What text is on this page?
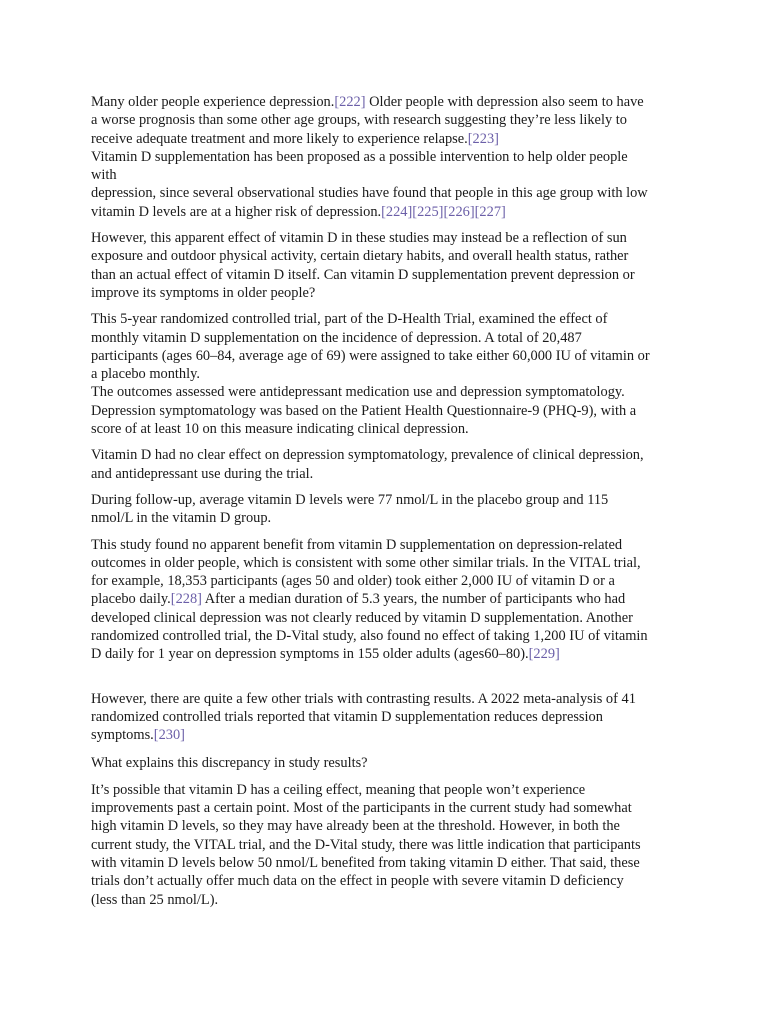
Many older people experience depression.[222] Older people with depression also seem to have
a worse prognosis than some other age groups, with research suggesting they’re less likely to
receive adequate treatment and more likely to experience relapse.[223]
Vitamin D supplementation has been proposed as a possible intervention to help older people
with
depression, since several observational studies have found that people in this age group with low
vitamin D levels are at a higher risk of depression.[224][225][226][227]

However, this apparent effect of vitamin D in these studies may instead be a reflection of sun
exposure and outdoor physical activity, certain dietary habits, and overall health status, rather
than an actual effect of vitamin D itself. Can vitamin D supplementation prevent depression or
improve its symptoms in older people?

This 5-year randomized controlled trial, part of the D-Health Trial, examined the effect of
monthly vitamin D supplementation on the incidence of depression. A total of 20,487
participants (ages 60–84, average age of 69) were assigned to take either 60,000 IU of vitamin or
a placebo monthly.
The outcomes assessed were antidepressant medication use and depression symptomatology.
Depression symptomatology was based on the Patient Health Questionnaire-9 (PHQ-9), with a
score of at least 10 on this measure indicating clinical depression.

Vitamin D had no clear effect on depression symptomatology, prevalence of clinical depression,
and antidepressant use during the trial.

During follow-up, average vitamin D levels were 77 nmol/L in the placebo group and 115
nmol/L in the vitamin D group.

This study found no apparent benefit from vitamin D supplementation on depression-related
outcomes in older people, which is consistent with some other similar trials. In the VITAL trial,
for example, 18,353 participants (ages 50 and older) took either 2,000 IU of vitamin D or a
placebo daily.[228] After a median duration of 5.3 years, the number of participants who had
developed clinical depression was not clearly reduced by vitamin D supplementation. Another
randomized controlled trial, the D-Vital study, also found no effect of taking 1,200 IU of vitamin
D daily for 1 year on depression symptoms in 155 older adults (ages60–80).[229]

However, there are quite a few other trials with contrasting results. A 2022 meta-analysis of 41
randomized controlled trials reported that vitamin D supplementation reduces depression
symptoms.[230]

What explains this discrepancy in study results?

It’s possible that vitamin D has a ceiling effect, meaning that people won’t experience
improvements past a certain point. Most of the participants in the current study had somewhat
high vitamin D levels, so they may have already been at the threshold. However, in both the
current study, the VITAL trial, and the D-Vital study, there was little indication that participants
with vitamin D levels below 50 nmol/L benefited from taking vitamin D either. That said, these
trials don’t actually offer much data on the effect in people with severe vitamin D deficiency
(less than 25 nmol/L).
